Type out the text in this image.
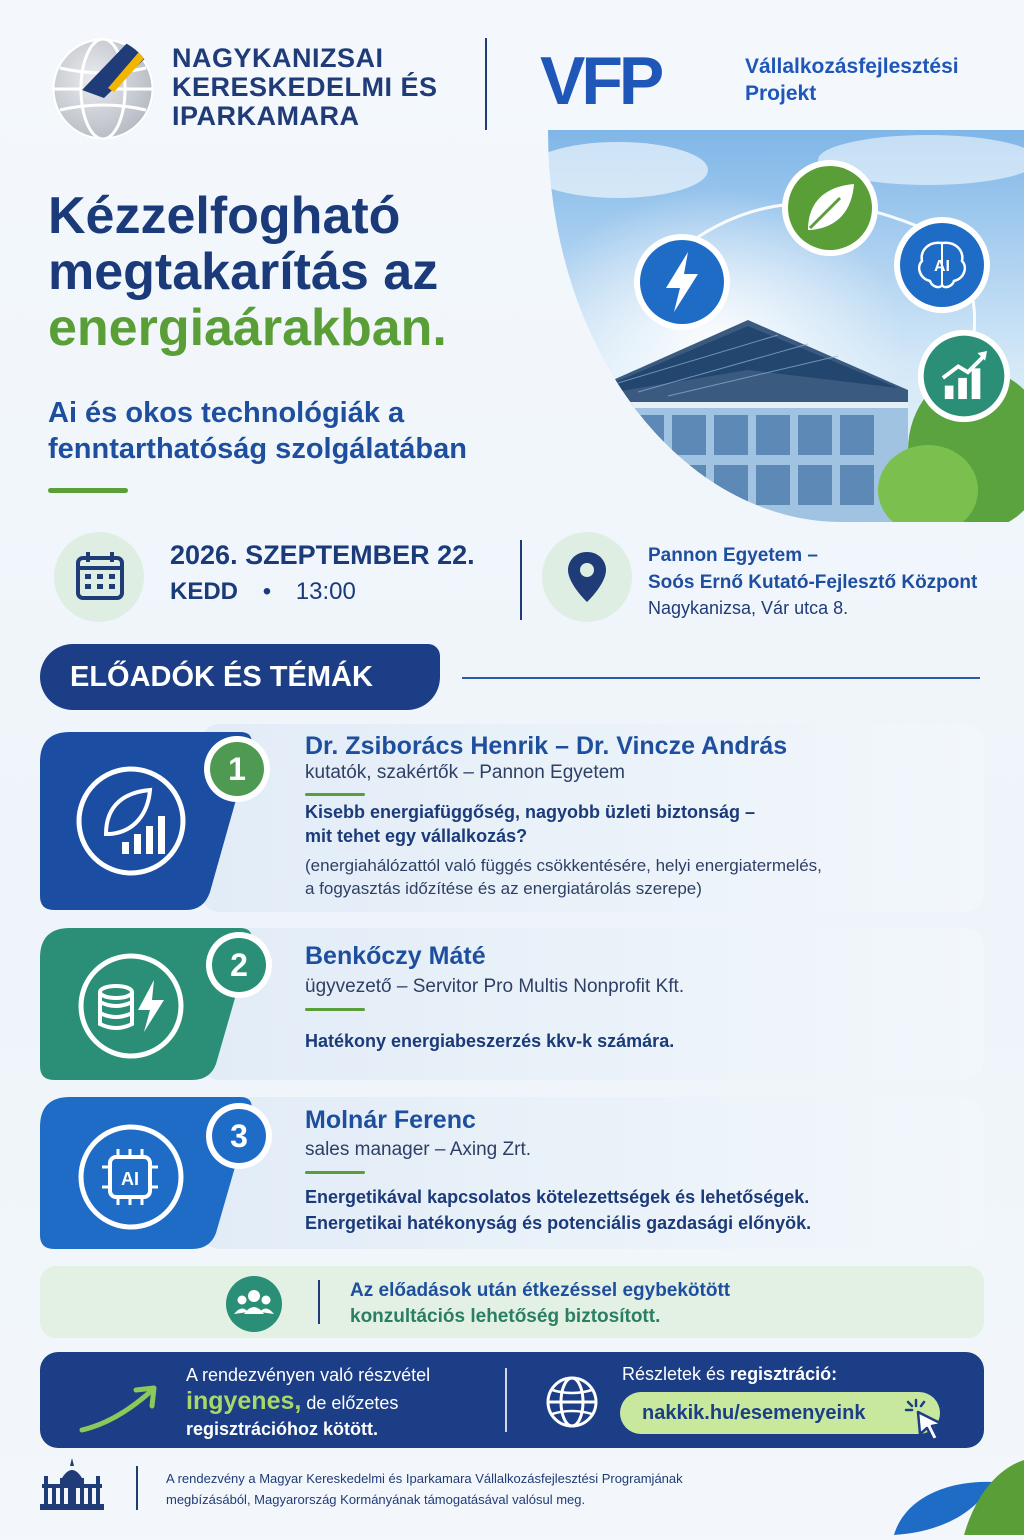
NAGYKANIZSAI
KERESKEDELMI ÉS
IPARKAMARA	VFP	Vállalkozásfejlesztési
Projekt
AI
Kézzelfogható
megtakarítás az
energiaárakban.
Ai és okos technológiák a
fenntarthatóság szolgálatában
2026. SZEPTEMBER 22.
KEDD • 13:00
Pannon Egyetem –
Soós Ernő Kutató-Fejlesztő Központ
Nagykanizsa, Vár utca 8.
ELŐADÓK ÉS TÉMÁK
1
Dr. Zsiborács Henrik – Dr. Vincze András
kutatók, szakértők – Pannon Egyetem
Kisebb energiafüggőség, nagyobb üzleti biztonság –
mit tehet egy vállalkozás?
(energiahálózattól való függés csökkentésére, helyi energiatermelés,
a fogyasztás időzítése és az energiatárolás szerepe)
2	Benkőczy Máté
ügyvezető – Servitor Pro Multis Nonprofit Kft.
Hatékony energiabeszerzés kkv-k számára.
AI
3	Molnár Ferenc
sales manager – Axing Zrt.
Energetikával kapcsolatos kötelezettségek és lehetőségek.
Energetikai hatékonyság és potenciális gazdasági előnyök.
Az előadások után étkezéssel egybekötött
konzultációs lehetőség biztosított.
A rendezvényen való részvétel
ingyenes, de előzetes
regisztrációhoz kötött.
Részletek és regisztráció:
nakkik.hu/esemenyeink
A rendezvény a Magyar Kereskedelmi és Iparkamara Vállalkozásfejlesztési Programjának
megbízásából, Magyarország Kormányának támogatásával valósul meg.
